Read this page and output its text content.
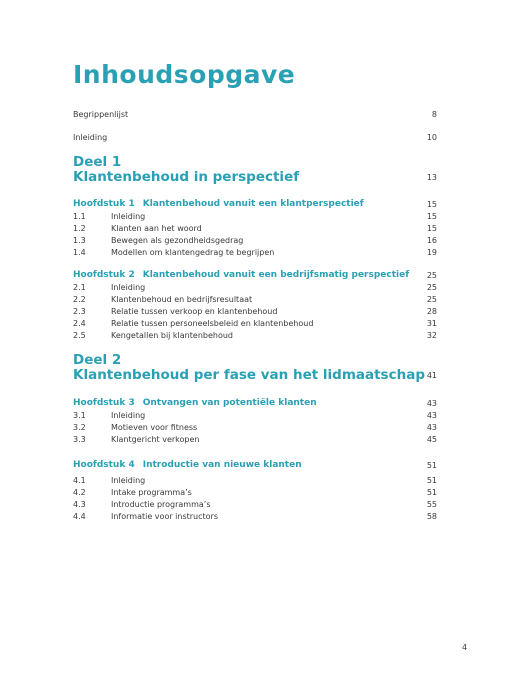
Inhoudsopgave
Begrippenlijst	8
Inleiding	10
Deel 1
Klantenbehoud in perspectief	13
Hoofdstuk 1 Klantenbehoud vanuit een klantperspectief	15
1.1	Inleiding	15
1.2	Klanten aan het woord	15
1.3	Bewegen als gezondheidsgedrag	16
1.4	Modellen om klantengedrag te begrijpen	19
Hoofdstuk 2 Klantenbehoud vanuit een bedrijfsmatig perspectief 25
2.1	Inleiding	25
2.2	Klantenbehoud en bedrijfsresultaat	25
2.3	Relatie tussen verkoop en klantenbehoud	28
2.4	Relatie tussen personeelsbeleid en klantenbehoud	31
2.5	Kengetallen bij klantenbehoud	32
Deel 2
Klantenbehoud per fase van het lidmaatschap 41
Hoofdstuk 3 Ontvangen van potentiële klanten	43
3.1	Inleiding	43
3.2	Motieven voor fitness	43
3.3	Klantgericht verkopen	45
Hoofdstuk 4 Introductie van nieuwe klanten	51
4.1	Inleiding	51
4.2	Intake programma’s	51
4.3	Introductie programma’s	55
4.4	Informatie voor instructors	58
4
